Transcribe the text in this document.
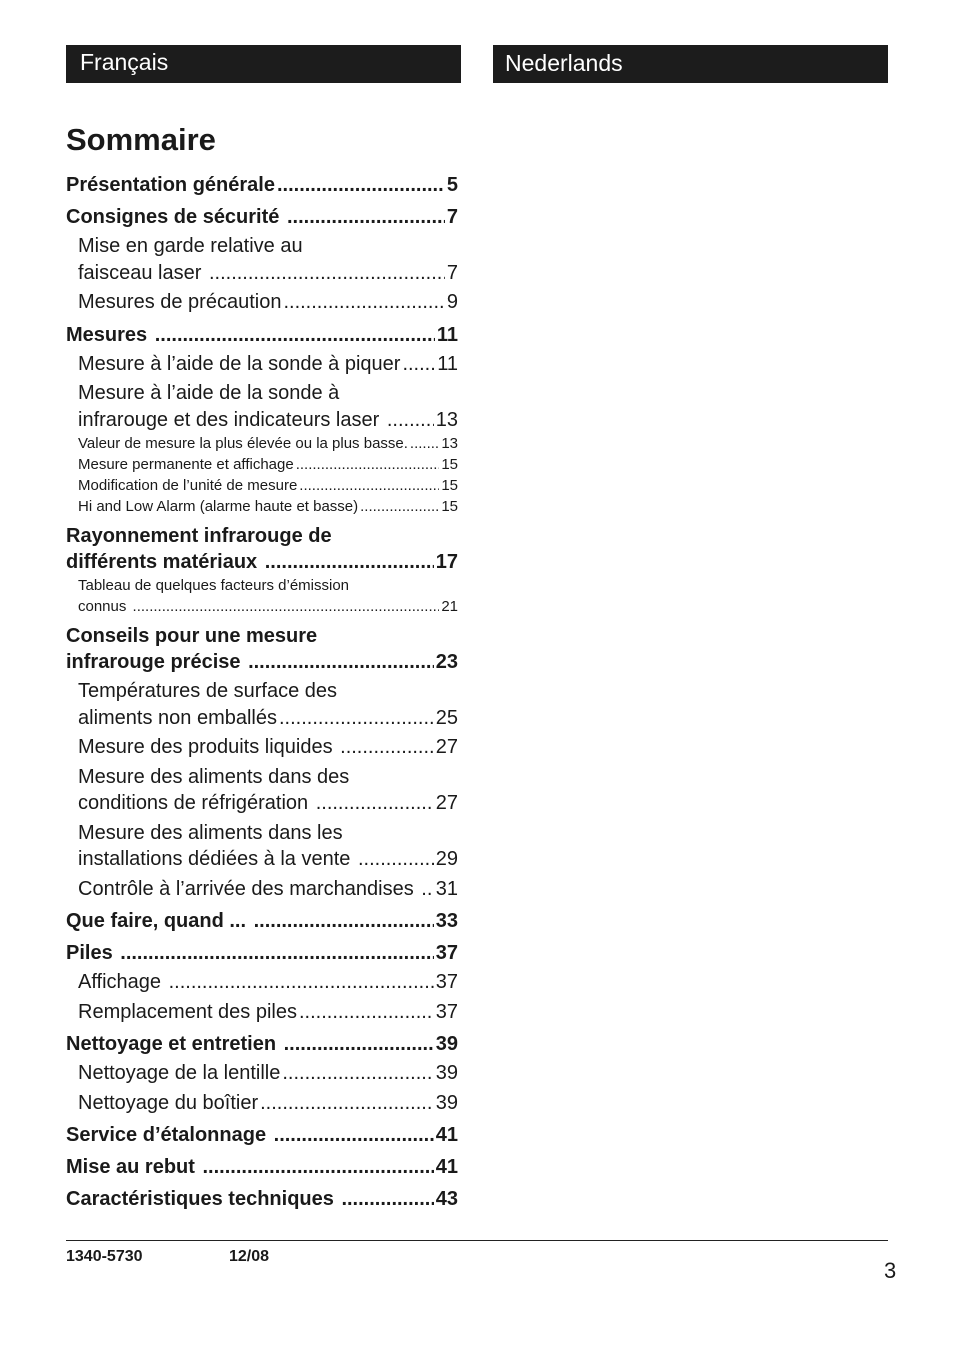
Français	Nederlands
Sommaire
Présentation générale .....	5
Consignes de sécurité .....	7
Mise en garde relative au
faisceau laser .....	7
Mesures de précaution .....	9
Mesures .....	11
Mesure à l’aide de la sonde à piquer ..... 11
Mesure à l’aide de la sonde à
infrarouge et des indicateurs laser .....	13
Valeur de mesure la plus élevée ou la plus basse. ..... 13
Mesure permanente et affichage .....	15
Modification de l’unité de mesure .....	15
Hi and Low Alarm (alarme haute et basse) .....	15
Rayonnement infrarouge de
différents matériaux .....	17
Tableau de quelques facteurs d’émission
connus .....	21
Conseils pour une mesure
infrarouge précise .....	23
Températures de surface des
aliments non emballés .....	25
Mesure des produits liquides .....	27
Mesure des aliments dans des
conditions de réfrigération .....	27
Mesure des aliments dans les
installations dédiées à la vente .....	29
Contrôle à l’arrivée des marchandises ..... 31
Que faire, quand ... .....	33
Piles .....	37
Affichage .....	37
Remplacement des piles .....	37
Nettoyage et entretien .....	39
Nettoyage de la lentille .....	39
Nettoyage du boîtier .....	39
Service d’étalonnage .....	41
Mise au rebut .....	41
Caractéristiques techniques .....	43
1340-5730	12/08
3
